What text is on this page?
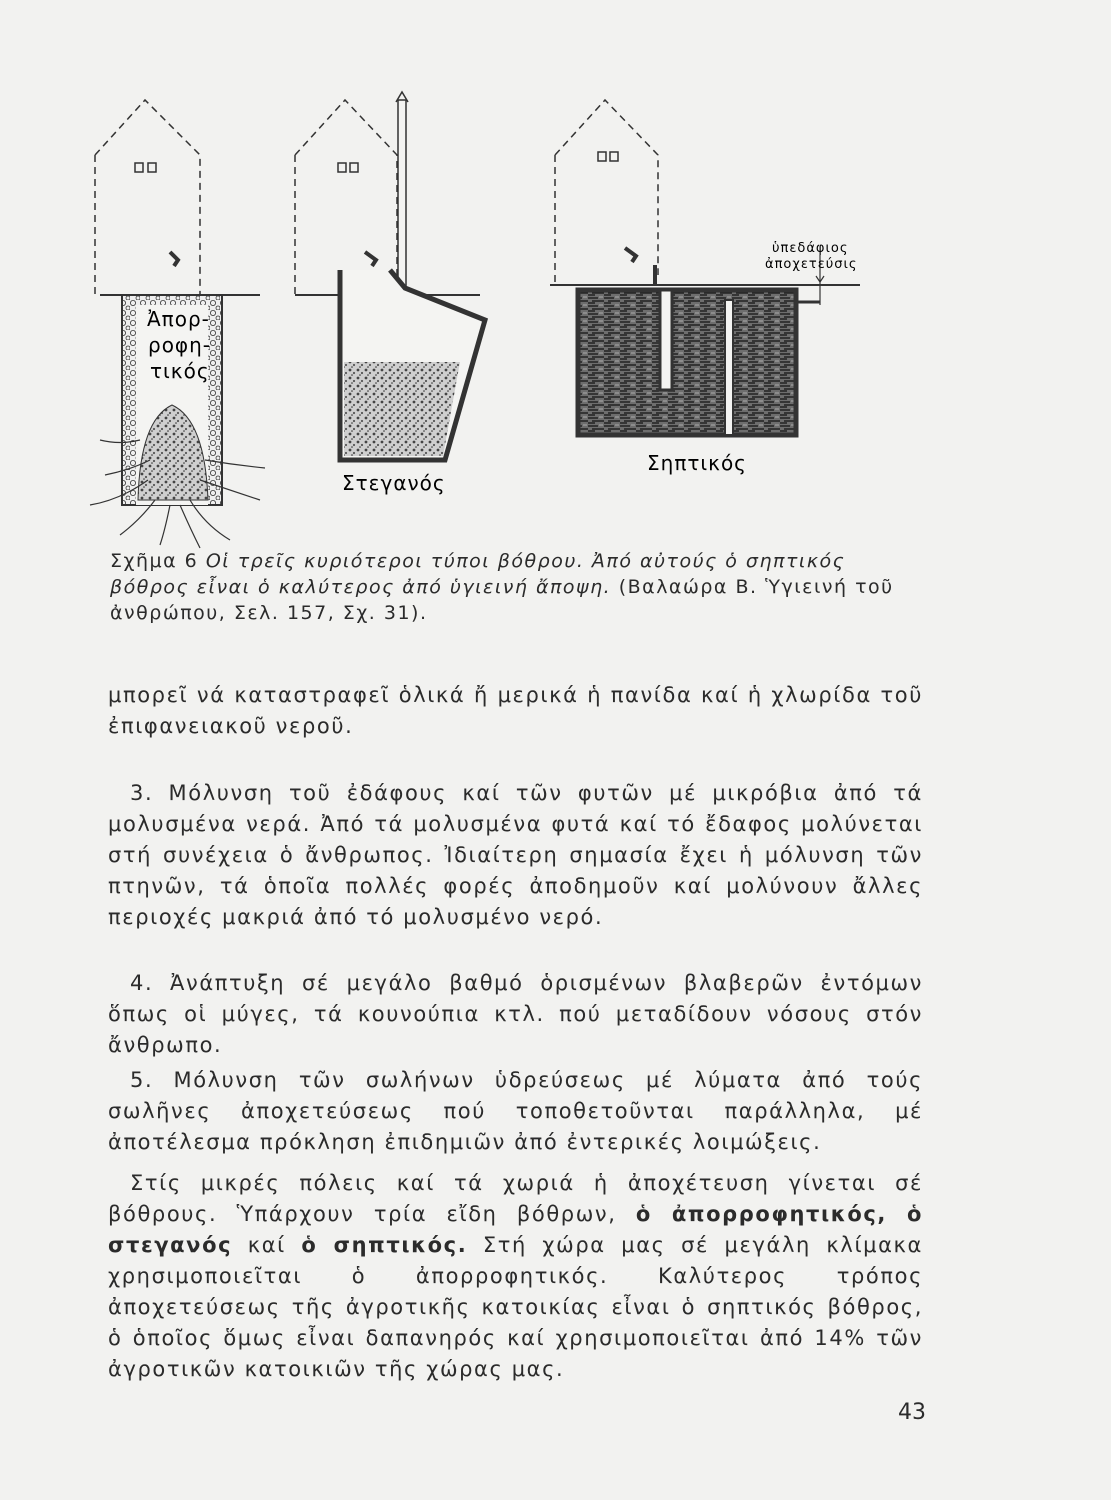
Ἀπορ-
ροφη-
τικός
Στεγανός
ὑπεδάφιος
ἀποχετεύσις
Σηπτικός
Σχῆμα 6 Οἱ τρεῖς κυριότεροι τύποι βόθρου. Ἀπό αὐτούς ὁ σηπτικός βόθρος εἶναι ὁ καλύτερος ἀπό ὑγιεινή ἄποψη. (Βαλαώρα Β. Ὑγιεινή τοῦ ἀνθρώπου, Σελ. 157, Σχ. 31).
μπορεῖ νά καταστραφεῖ ὁλικά ἤ μερικά ἡ πανίδα καί ἡ χλωρίδα τοῦ ἐπιφανειακοῦ νεροῦ.
3. Μόλυνση τοῦ ἐδάφους καί τῶν φυτῶν μέ μικρόβια ἀπό τά μολυσμένα νερά. Ἀπό τά μολυσμένα φυτά καί τό ἔδαφος μολύνεται στή συνέχεια ὁ ἄνθρωπος. Ἰδιαίτερη σημασία ἔχει ἡ μόλυνση τῶν πτηνῶν, τά ὁποῖα πολλές φορές ἀποδημοῦν καί μολύνουν ἄλλες περιοχές μακριά ἀπό τό μολυσμένο νερό.
4. Ἀνάπτυξη σέ μεγάλο βαθμό ὁρισμένων βλαβερῶν ἐντόμων ὅπως οἱ μύγες, τά κουνούπια κτλ. πού μεταδίδουν νόσους στόν ἄνθρωπο.
5. Μόλυνση τῶν σωλήνων ὑδρεύσεως μέ λύματα ἀπό τούς σωλῆνες ἀποχετεύσεως πού τοποθετοῦνται παράλληλα, μέ ἀποτέλεσμα πρόκληση ἐπιδημιῶν ἀπό ἐντερικές λοιμώξεις.
Στίς μικρές πόλεις καί τά χωριά ἡ ἀποχέτευση γίνεται σέ βόθρους. Ὑπάρχουν τρία εἴδη βόθρων, ὁ ἀπορροφητικός, ὁ στεγανός καί ὁ σηπτικός. Στή χώρα μας σέ μεγάλη κλίμακα χρησιμοποιεῖται ὁ ἀπορροφητικός. Καλύτερος τρόπος ἀποχετεύσεως τῆς ἀγροτικῆς κατοικίας εἶναι ὁ σηπτικός βόθρος, ὁ ὁποῖος ὅμως εἶναι δαπανηρός καί χρησιμοποιεῖται ἀπό 14% τῶν ἀγροτικῶν κατοικιῶν τῆς χώρας μας.
43
